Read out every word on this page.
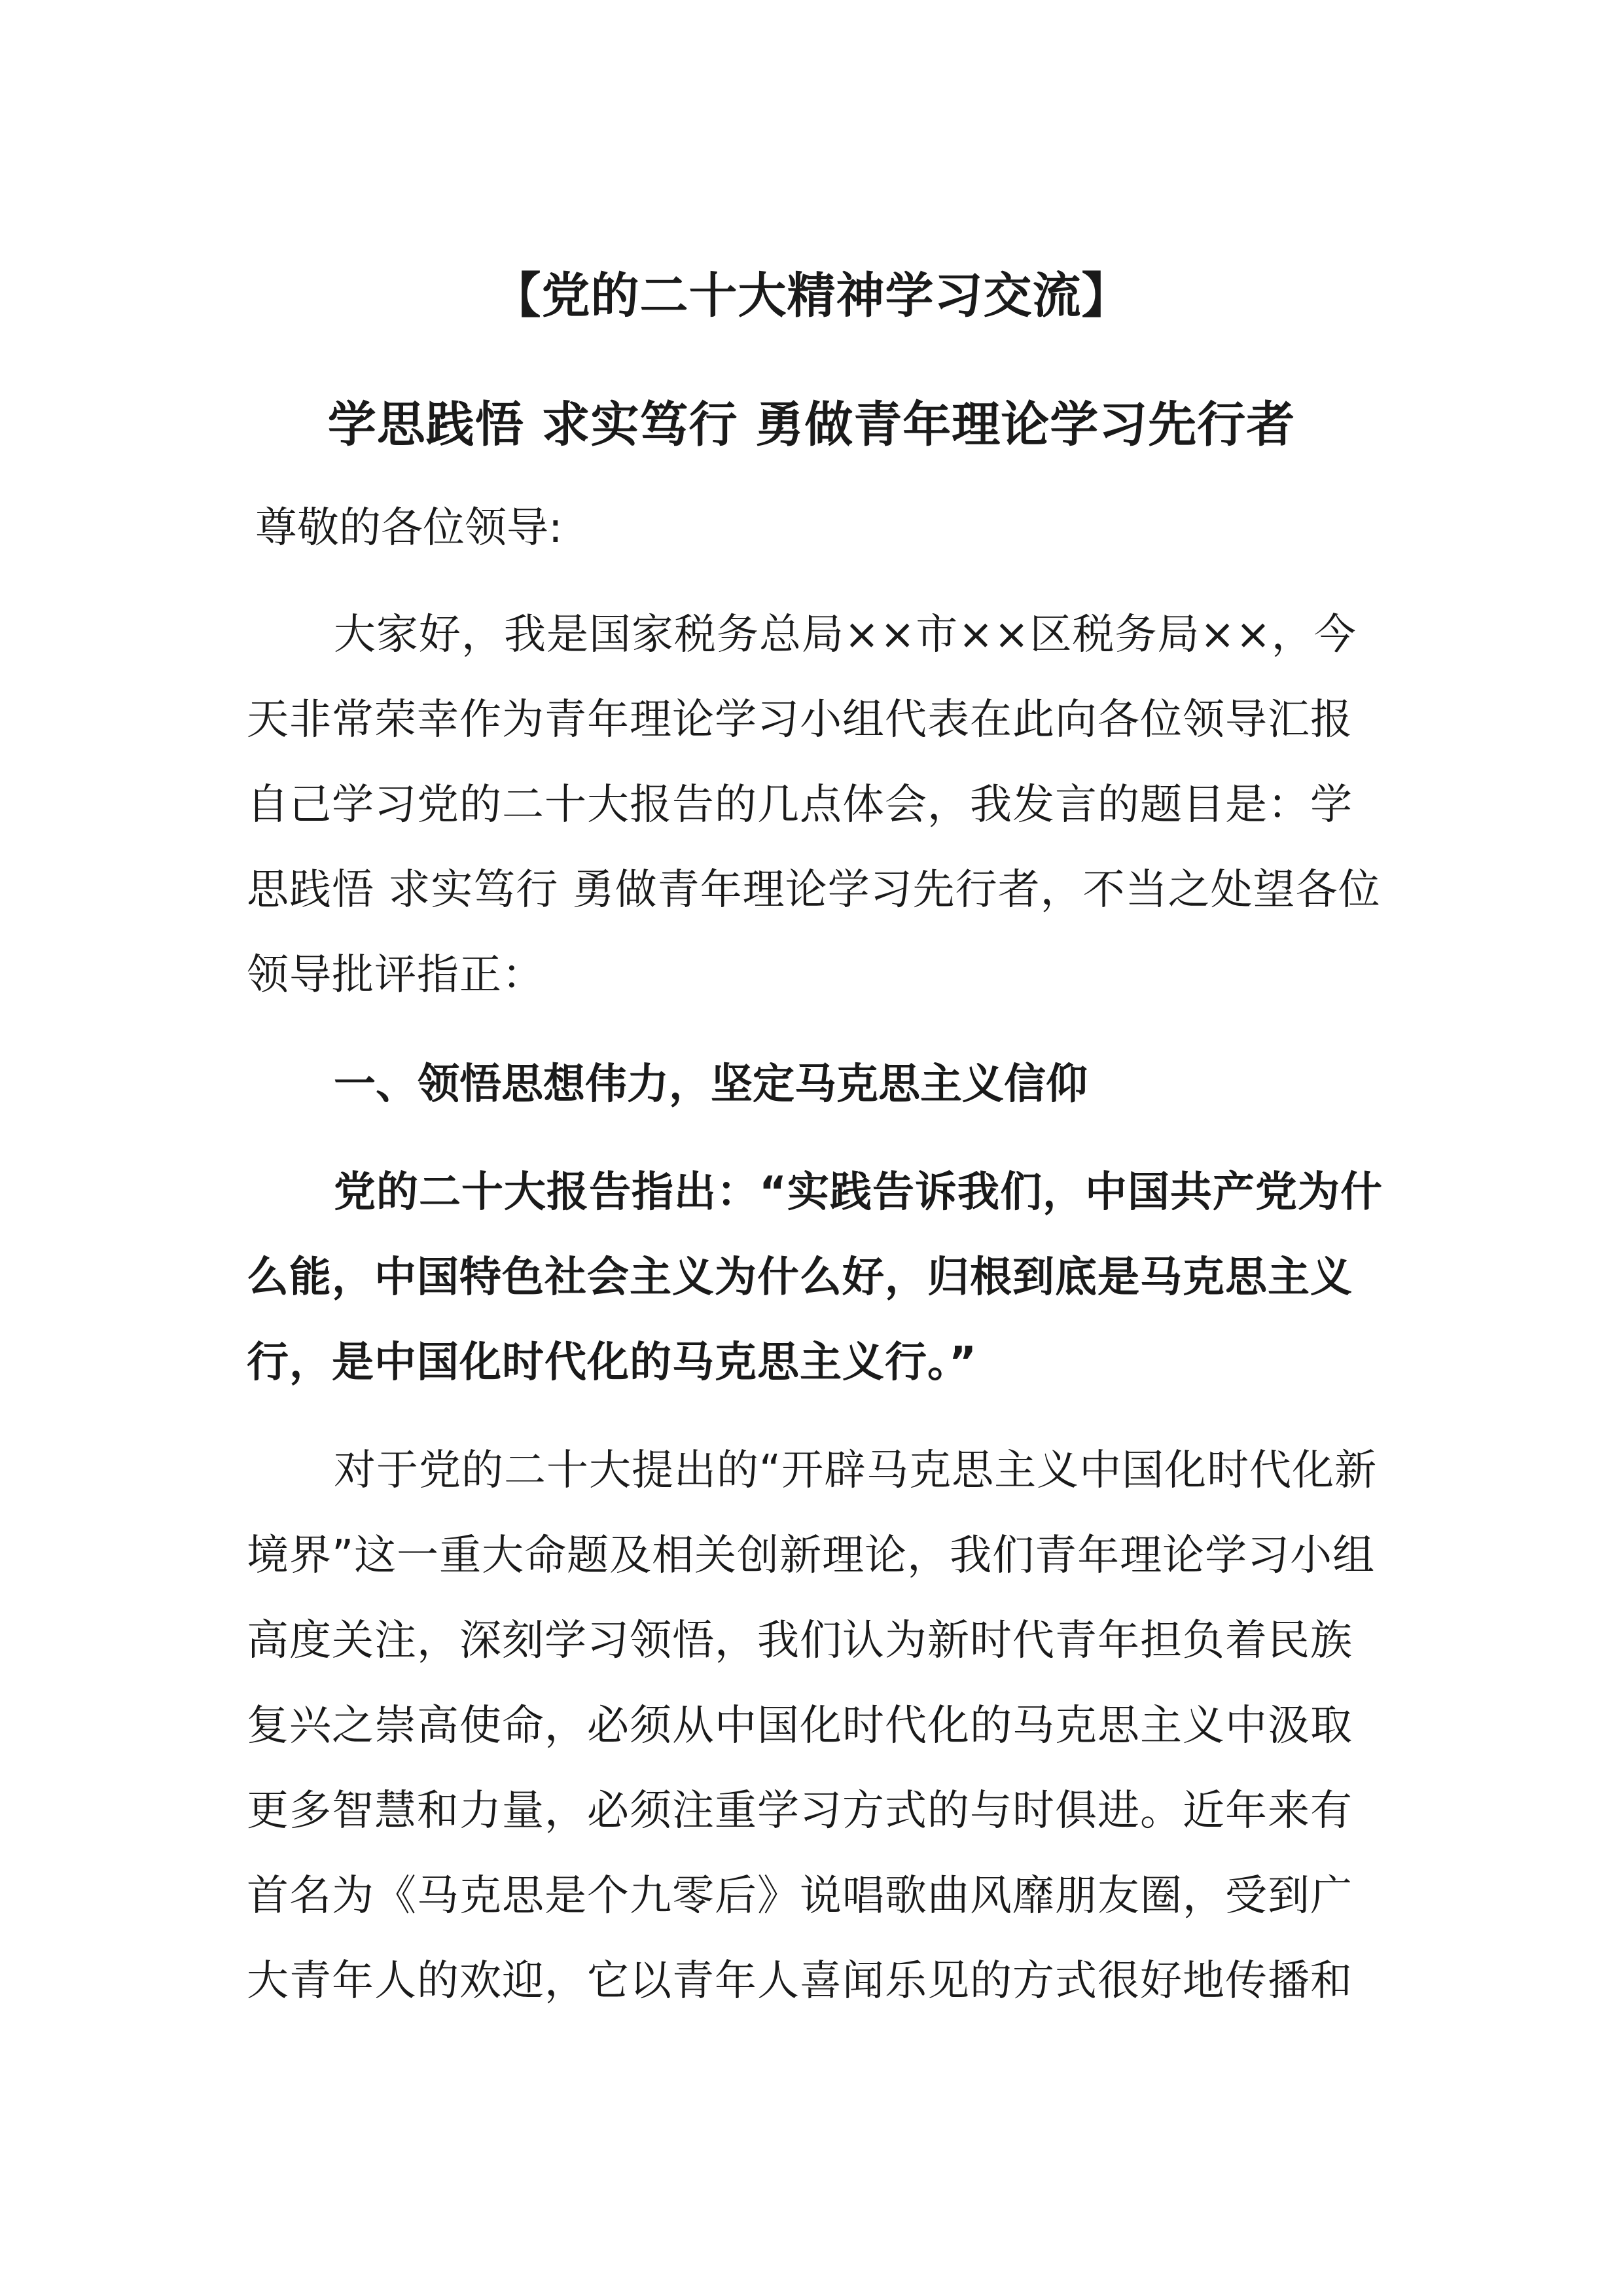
【党的二十大精神学习交流】
学思践悟 求实笃行 勇做青年理论学习先行者
尊敬的各位领导:
大家好，我是国家税务总局××市××区税务局××，今
天非常荣幸作为青年理论学习小组代表在此向各位领导汇报
自己学习党的二十大报告的几点体会，我发言的题目是：学
思践悟 求实笃行 勇做青年理论学习先行者，不当之处望各位
领导批评指正：
一、领悟思想伟力，坚定马克思主义信仰
党的二十大报告指出：“实践告诉我们，中国共产党为什
么能，中国特色社会主义为什么好，归根到底是马克思主义
行，是中国化时代化的马克思主义行。”
对于党的二十大提出的“开辟马克思主义中国化时代化新
境界”这一重大命题及相关创新理论，我们青年理论学习小组
高度关注，深刻学习领悟，我们认为新时代青年担负着民族
复兴之崇高使命，必须从中国化时代化的马克思主义中汲取
更多智慧和力量，必须注重学习方式的与时俱进。近年来有
首名为《马克思是个九零后》说唱歌曲风靡朋友圈，受到广
大青年人的欢迎，它以青年人喜闻乐见的方式很好地传播和
